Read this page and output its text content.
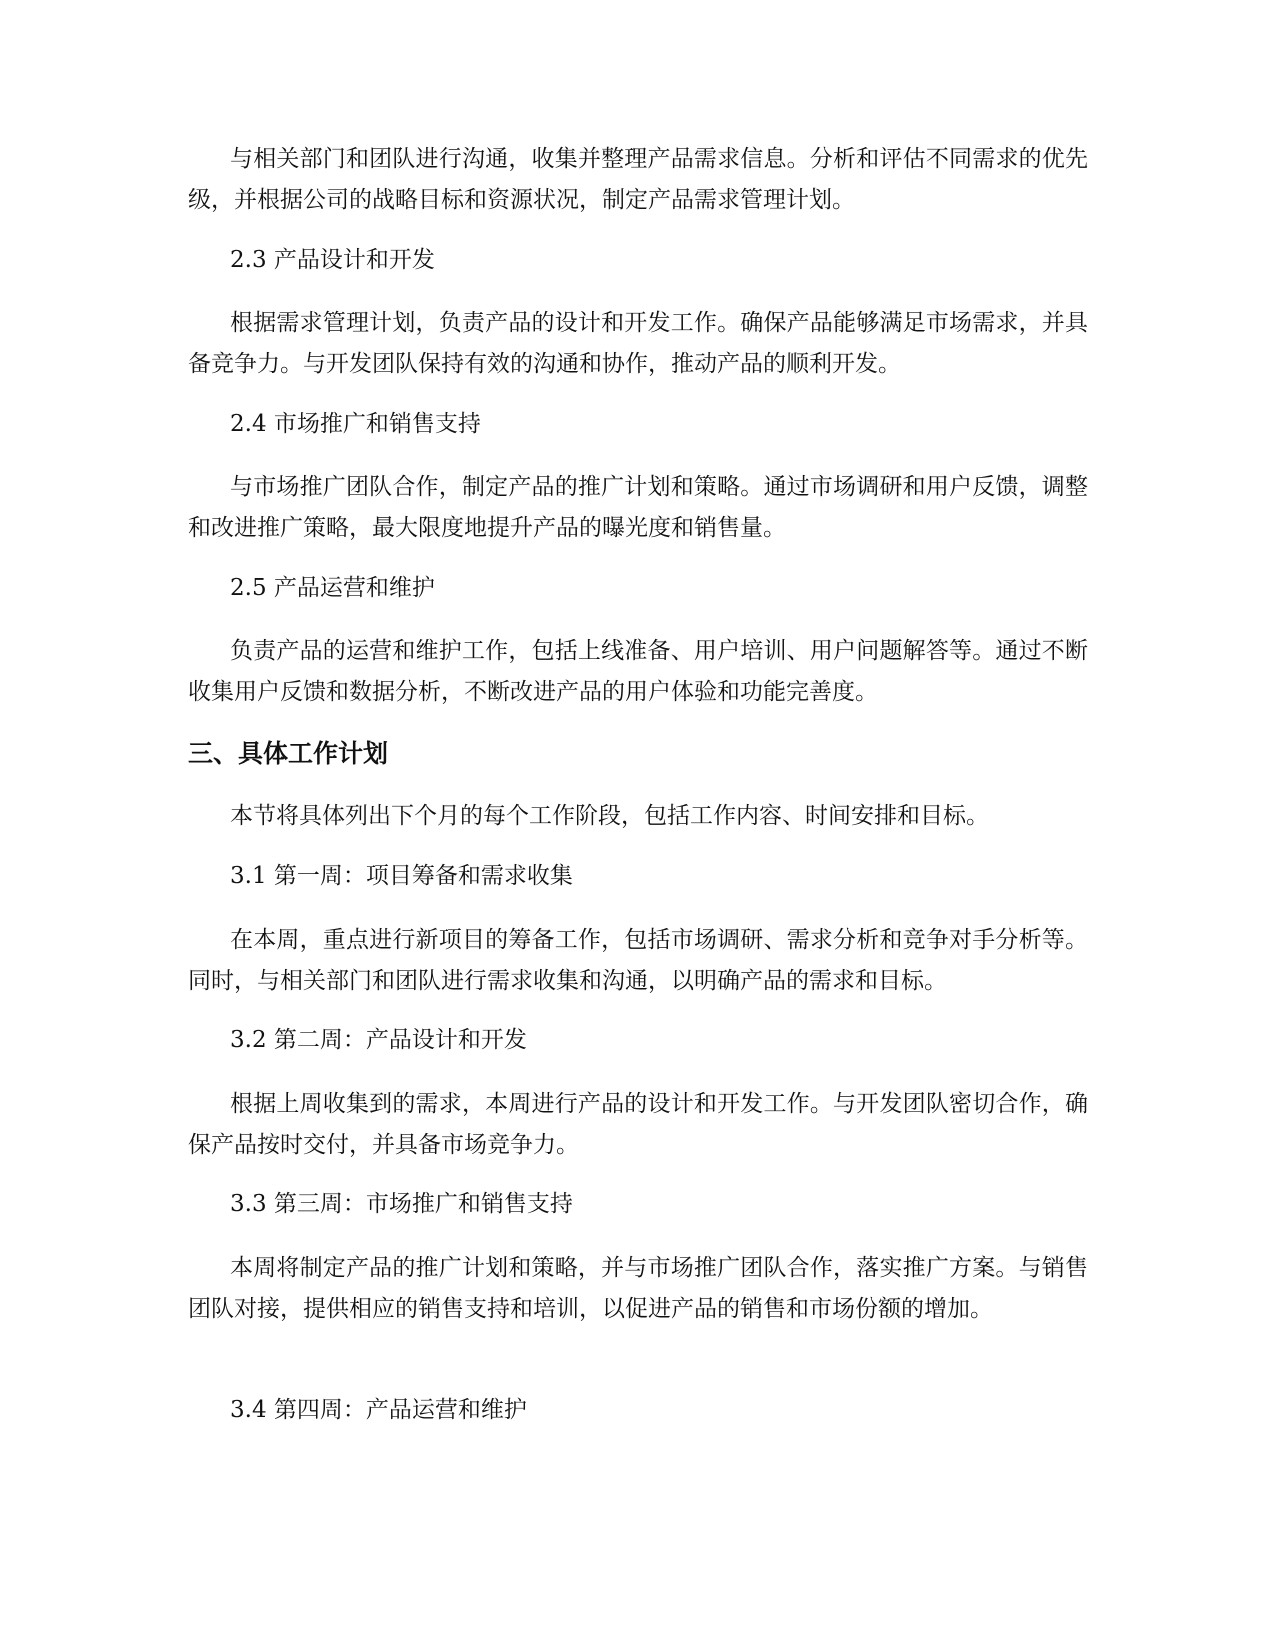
与相关部门和团队进行沟通，收集并整理产品需求信息。分析和评估不同需求的优先级，并根据公司的战略目标和资源状况，制定产品需求管理计划。

2.3 产品设计和开发

根据需求管理计划，负责产品的设计和开发工作。确保产品能够满足市场需求，并具备竞争力。与开发团队保持有效的沟通和协作，推动产品的顺利开发。

2.4 市场推广和销售支持

与市场推广团队合作，制定产品的推广计划和策略。通过市场调研和用户反馈，调整和改进推广策略，最大限度地提升产品的曝光度和销售量。

2.5 产品运营和维护

负责产品的运营和维护工作，包括上线准备、用户培训、用户问题解答等。通过不断收集用户反馈和数据分析，不断改进产品的用户体验和功能完善度。

三、具体工作计划

本节将具体列出下个月的每个工作阶段，包括工作内容、时间安排和目标。

3.1 第一周：项目筹备和需求收集

在本周，重点进行新项目的筹备工作，包括市场调研、需求分析和竞争对手分析等。同时，与相关部门和团队进行需求收集和沟通，以明确产品的需求和目标。

3.2 第二周：产品设计和开发

根据上周收集到的需求，本周进行产品的设计和开发工作。与开发团队密切合作，确保产品按时交付，并具备市场竞争力。

3.3 第三周：市场推广和销售支持

本周将制定产品的推广计划和策略，并与市场推广团队合作，落实推广方案。与销售团队对接，提供相应的销售支持和培训，以促进产品的销售和市场份额的增加。

3.4 第四周：产品运营和维护
